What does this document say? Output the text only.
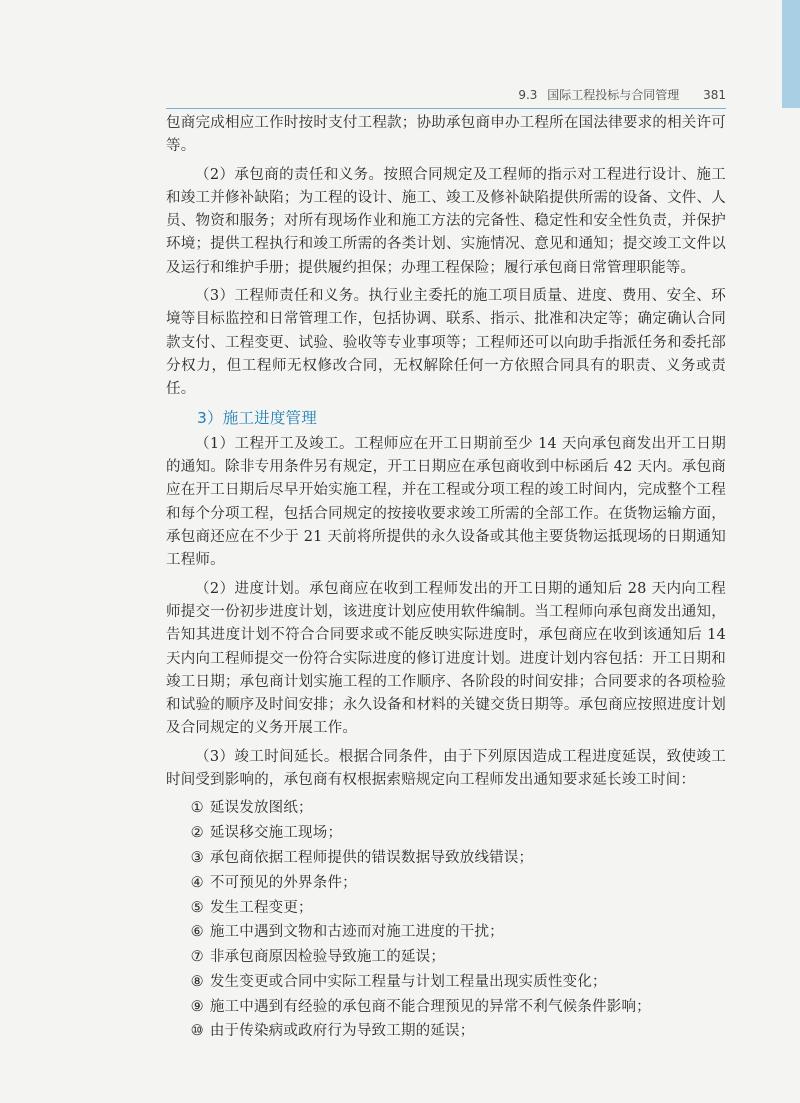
9.3 国际工程投标与合同管理 381

包商完成相应工作时按时支付工程款；协助承包商申办工程所在国法律要求的相关许可等。

（2）承包商的责任和义务。按照合同规定及工程师的指示对工程进行设计、施工和竣工并修补缺陷；为工程的设计、施工、竣工及修补缺陷提供所需的设备、文件、人员、物资和服务；对所有现场作业和施工方法的完备性、稳定性和安全性负责，并保护环境；提供工程执行和竣工所需的各类计划、实施情况、意见和通知；提交竣工文件以及运行和维护手册；提供履约担保；办理工程保险；履行承包商日常管理职能等。

（3）工程师责任和义务。执行业主委托的施工项目质量、进度、费用、安全、环境等目标监控和日常管理工作，包括协调、联系、指示、批准和决定等；确定确认合同款支付、工程变更、试验、验收等专业事项等；工程师还可以向助手指派任务和委托部分权力，但工程师无权修改合同，无权解除任何一方依照合同具有的职责、义务或责任。

3）施工进度管理

（1）工程开工及竣工。工程师应在开工日期前至少 14 天向承包商发出开工日期的通知。除非专用条件另有规定，开工日期应在承包商收到中标函后 42 天内。承包商应在开工日期后尽早开始实施工程，并在工程或分项工程的竣工时间内，完成整个工程和每个分项工程，包括合同规定的按接收要求竣工所需的全部工作。在货物运输方面，承包商还应在不少于 21 天前将所提供的永久设备或其他主要货物运抵现场的日期通知工程师。

（2）进度计划。承包商应在收到工程师发出的开工日期的通知后 28 天内向工程师提交一份初步进度计划，该进度计划应使用软件编制。当工程师向承包商发出通知，告知其进度计划不符合合同要求或不能反映实际进度时，承包商应在收到该通知后 14 天内向工程师提交一份符合实际进度的修订进度计划。进度计划内容包括：开工日期和竣工日期；承包商计划实施工程的工作顺序、各阶段的时间安排；合同要求的各项检验和试验的顺序及时间安排；永久设备和材料的关键交货日期等。承包商应按照进度计划及合同规定的义务开展工作。

（3）竣工时间延长。根据合同条件，由于下列原因造成工程进度延误，致使竣工时间受到影响的，承包商有权根据索赔规定向工程师发出通知要求延长竣工时间：

① 延误发放图纸；
② 延误移交施工现场；
③ 承包商依据工程师提供的错误数据导致放线错误；
④ 不可预见的外界条件；
⑤ 发生工程变更；
⑥ 施工中遇到文物和古迹而对施工进度的干扰；
⑦ 非承包商原因检验导致施工的延误；
⑧ 发生变更或合同中实际工程量与计划工程量出现实质性变化；
⑨ 施工中遇到有经验的承包商不能合理预见的异常不利气候条件影响；
⑩ 由于传染病或政府行为导致工期的延误；
